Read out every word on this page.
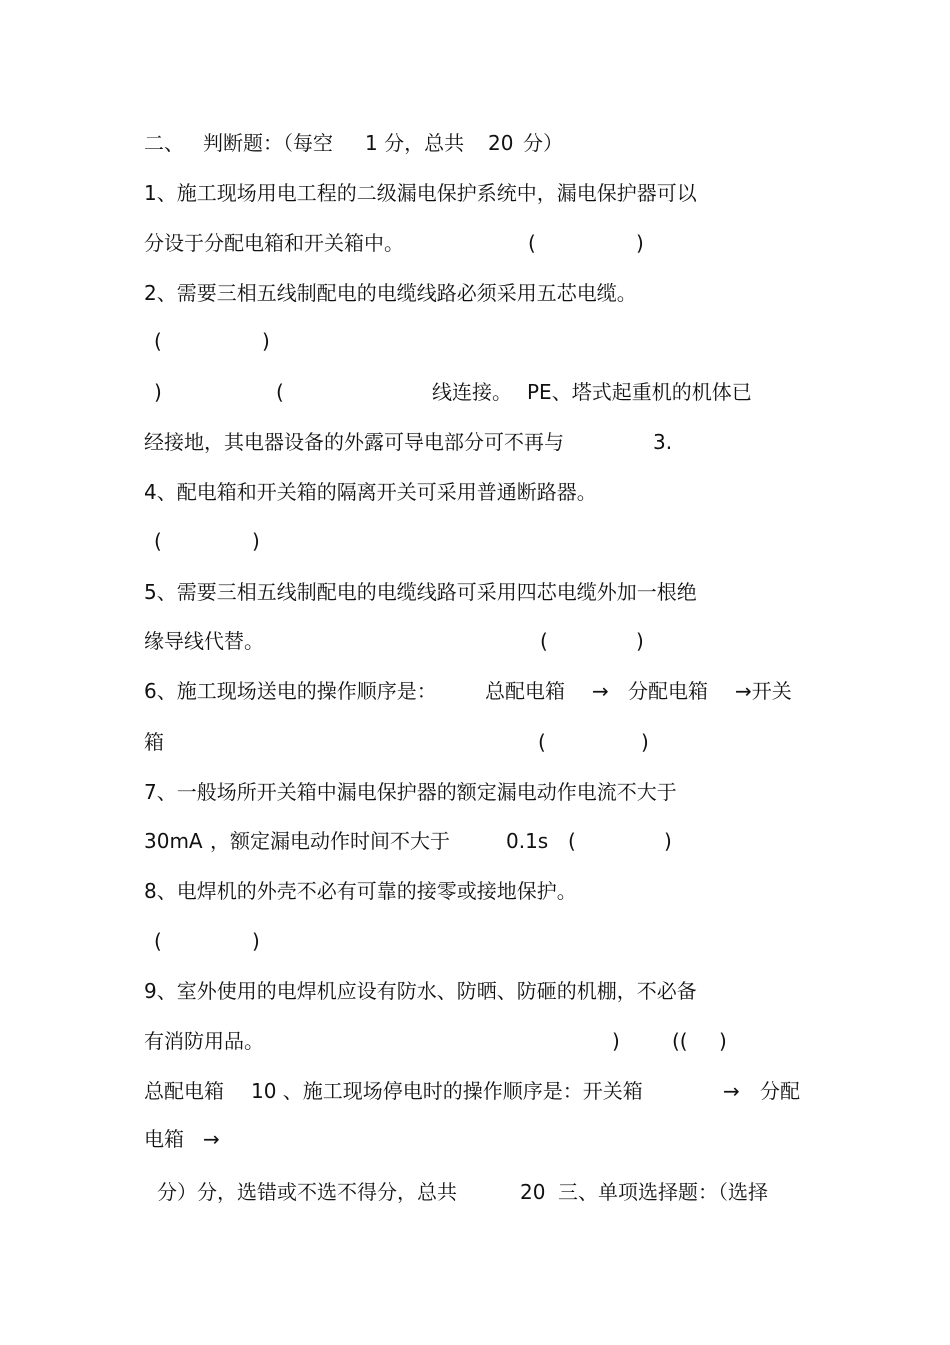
二、

判断题：（每空

1 分，总共

20

分）

1、施工现场用电工程的二级漏电保护系统中，漏电保护器可以

分设于分配电箱和开关箱中。

	(

	)

2、需要三相五线制配电的电缆线路必须采用五芯电缆。

(

	)

)

	(

	线连接。

PE、塔式起重机的机体已

经接地，其电器设备的外露可导电部分可不再与

	3.

4、配电箱和开关箱的隔离开关可采用普通断路器。

(

	)

5、需要三相五线制配电的电缆线路可采用四芯电缆外加一根绝

缘导线代替。

	(

	)

6、施工现场送电的操作顺序是：

总配电箱

→

分配电箱

→开关

箱

	(

	)

7、一般场所开关箱中漏电保护器的额定漏电动作电流不大于

30mA

，额定漏电动作时间不大于

	0.1s

(

	)

8、电焊机的外壳不必有可靠的接零或接地保护。

(

	)

9、室外使用的电焊机应设有防水、防晒、防砸的机棚，不必备

有消防用品。

	)

	((

)

总配电箱

10 、施工现场停电时的操作顺序是：开关箱

	→

分配

电箱

→

分）分，选错或不选不得分，总共

	20

三、单项选择题：（选择
